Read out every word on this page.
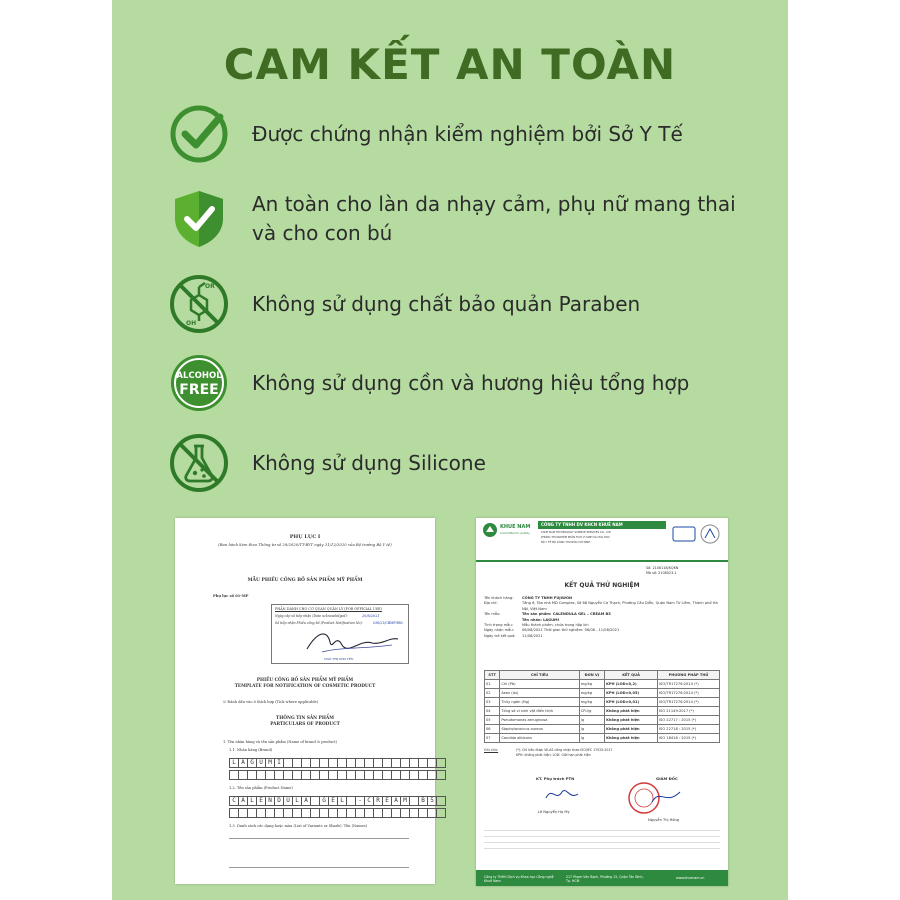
CAM KẾT AN TOÀN
Được chứng nhận kiểm nghiệm bởi Sở Y Tế
An toàn cho làn da nhạy cảm, phụ nữ mang thai
và cho con bú
OR
OH
Không sử dụng chất bảo quản Paraben
ALCOHOL
FREE Không sử dụng cồn và hương hiệu tổng hợp
Không sử dụng Silicone
PHỤ LỤC I
(Ban hành kèm theo Thông tư số 29/2020/TT-BYT ngày 31/12/2020 của Bộ trưởng Bộ Y tế)
MẪU PHIẾU CÔNG BỐ SẢN PHẨM MỸ PHẨM
Phụ lục số 01-MP
PHẦN DÀNH CHO CƠ QUAN QUẢN LÝ (FOR OFFICIAL USE)
Ngày cấp số tiếp nhận (Date acknowledged):	20/8/2021
Số tiếp nhận Phiếu công bố (Product Notification No):	038/21/CBMP-BNi
NGÔ THỊ KIM YẾN
PHIẾU CÔNG BỐ SẢN PHẨM MỸ PHẨM
TEMPLATE FOR NOTIFICATION OF COSMETIC PRODUCT
☑ Đánh dấu vào ô thích hợp (Tick where applicable)
THÔNG TIN SẢN PHẨM
PARTICULARS OF PRODUCT
1. Tên nhãn hàng và tên sản phẩm (Name of brand & product)
1.1. Nhãn hàng (Brand)
L A G U M I
1.2. Tên sản phẩm (Product Name)
C A L E N D U L A	G E L	- C R E A M	B 5
1.3. Danh sách các dạng hoặc màu (List of Variants or Shade). Tên (Names)
KHUE NAM
Committed to quality
CÔNG TY TNHH DV KHCN KHUÊ NAM
KHUE NAM TECHNOLOGY SCIENCE SERVICES CO., LTD
PHÒNG THÍ NGHIỆM PHÂN TÍCH VI SINH VÀ HÓA HỌC
BỘ Y TẾ BỘ CÔNG THƯƠNG CHỈ ĐỊNH
Số: 2108118/KQKN
Mã số: 2108023-1
KẾT QUẢ THỬ NGHIỆM
Tên khách hàng:	CÔNG TY TNHH FUJIWON
Địa chỉ:	Tầng 6, Tòa nhà MD Complex, Số 68 Nguyễn Cơ Thạch, Phường Cầu Diễn, Quận Nam Từ Liêm, Thành phố Hà Nội, Việt Nam
Tên mẫu:	Tên sản phẩm: CALENDULA GEL – CREAM B5
Tên nhãn: LAGUMI
Tình trạng mẫu:	Mẫu thành phẩm, chứa trong hộp kín
Ngày nhận mẫu:	06/08/2021 Thời gian thử nghiệm: 06/08 - 11/08/2021
Ngày trả kết quả:	11/08/2021
STT	CHỈ TIÊU	ĐƠN VỊ	KẾT QUẢ	PHƯƠNG PHÁP THỬ
01	Chì (Pb)	mg/kg	KPH (LOD=0,2)	ISO/TR17276:2014 (*)
02	Asen (As)	mg/kg	KPH (LOD=0,05)	ISO/TR17276:2014 (*)
03	Thủy ngân (Hg)	mg/kg	KPH (LOD=0,01)	ISO/TR17276:2014 (*)
04	Tổng số vi sinh vật điển hình	CFU/g	Không phát hiện	ISO 21149:2017 (*)
05	Pseudomonas aeruginosa	/g	Không phát hiện	ISO 22717 : 2015 (*)
06	Staphylococcus aureus	/g	Không phát hiện	ISO 22718 : 2015 (*)
07	Candida albicans	/g	Không phát hiện	ISO 18416 : 2015 (*)
Ghi chú:	(*): Chỉ tiêu được VILAS công nhận theo ISO/IEC 17025:2017
KPH: không phát hiện; LOD: Giới hạn phát hiện
KT. Phụ trách PTN
Lê Nguyễn Hạ My
GIÁM ĐỐC
Nguyễn Thị Hồng
Công ty TNHH Dịch vụ Khoa học Công nghệ Khuê Nam
217 Phạm Văn Bạch, Phường 15, Quận Tân Bình, Tp. HCM
www.khuenam.vn
